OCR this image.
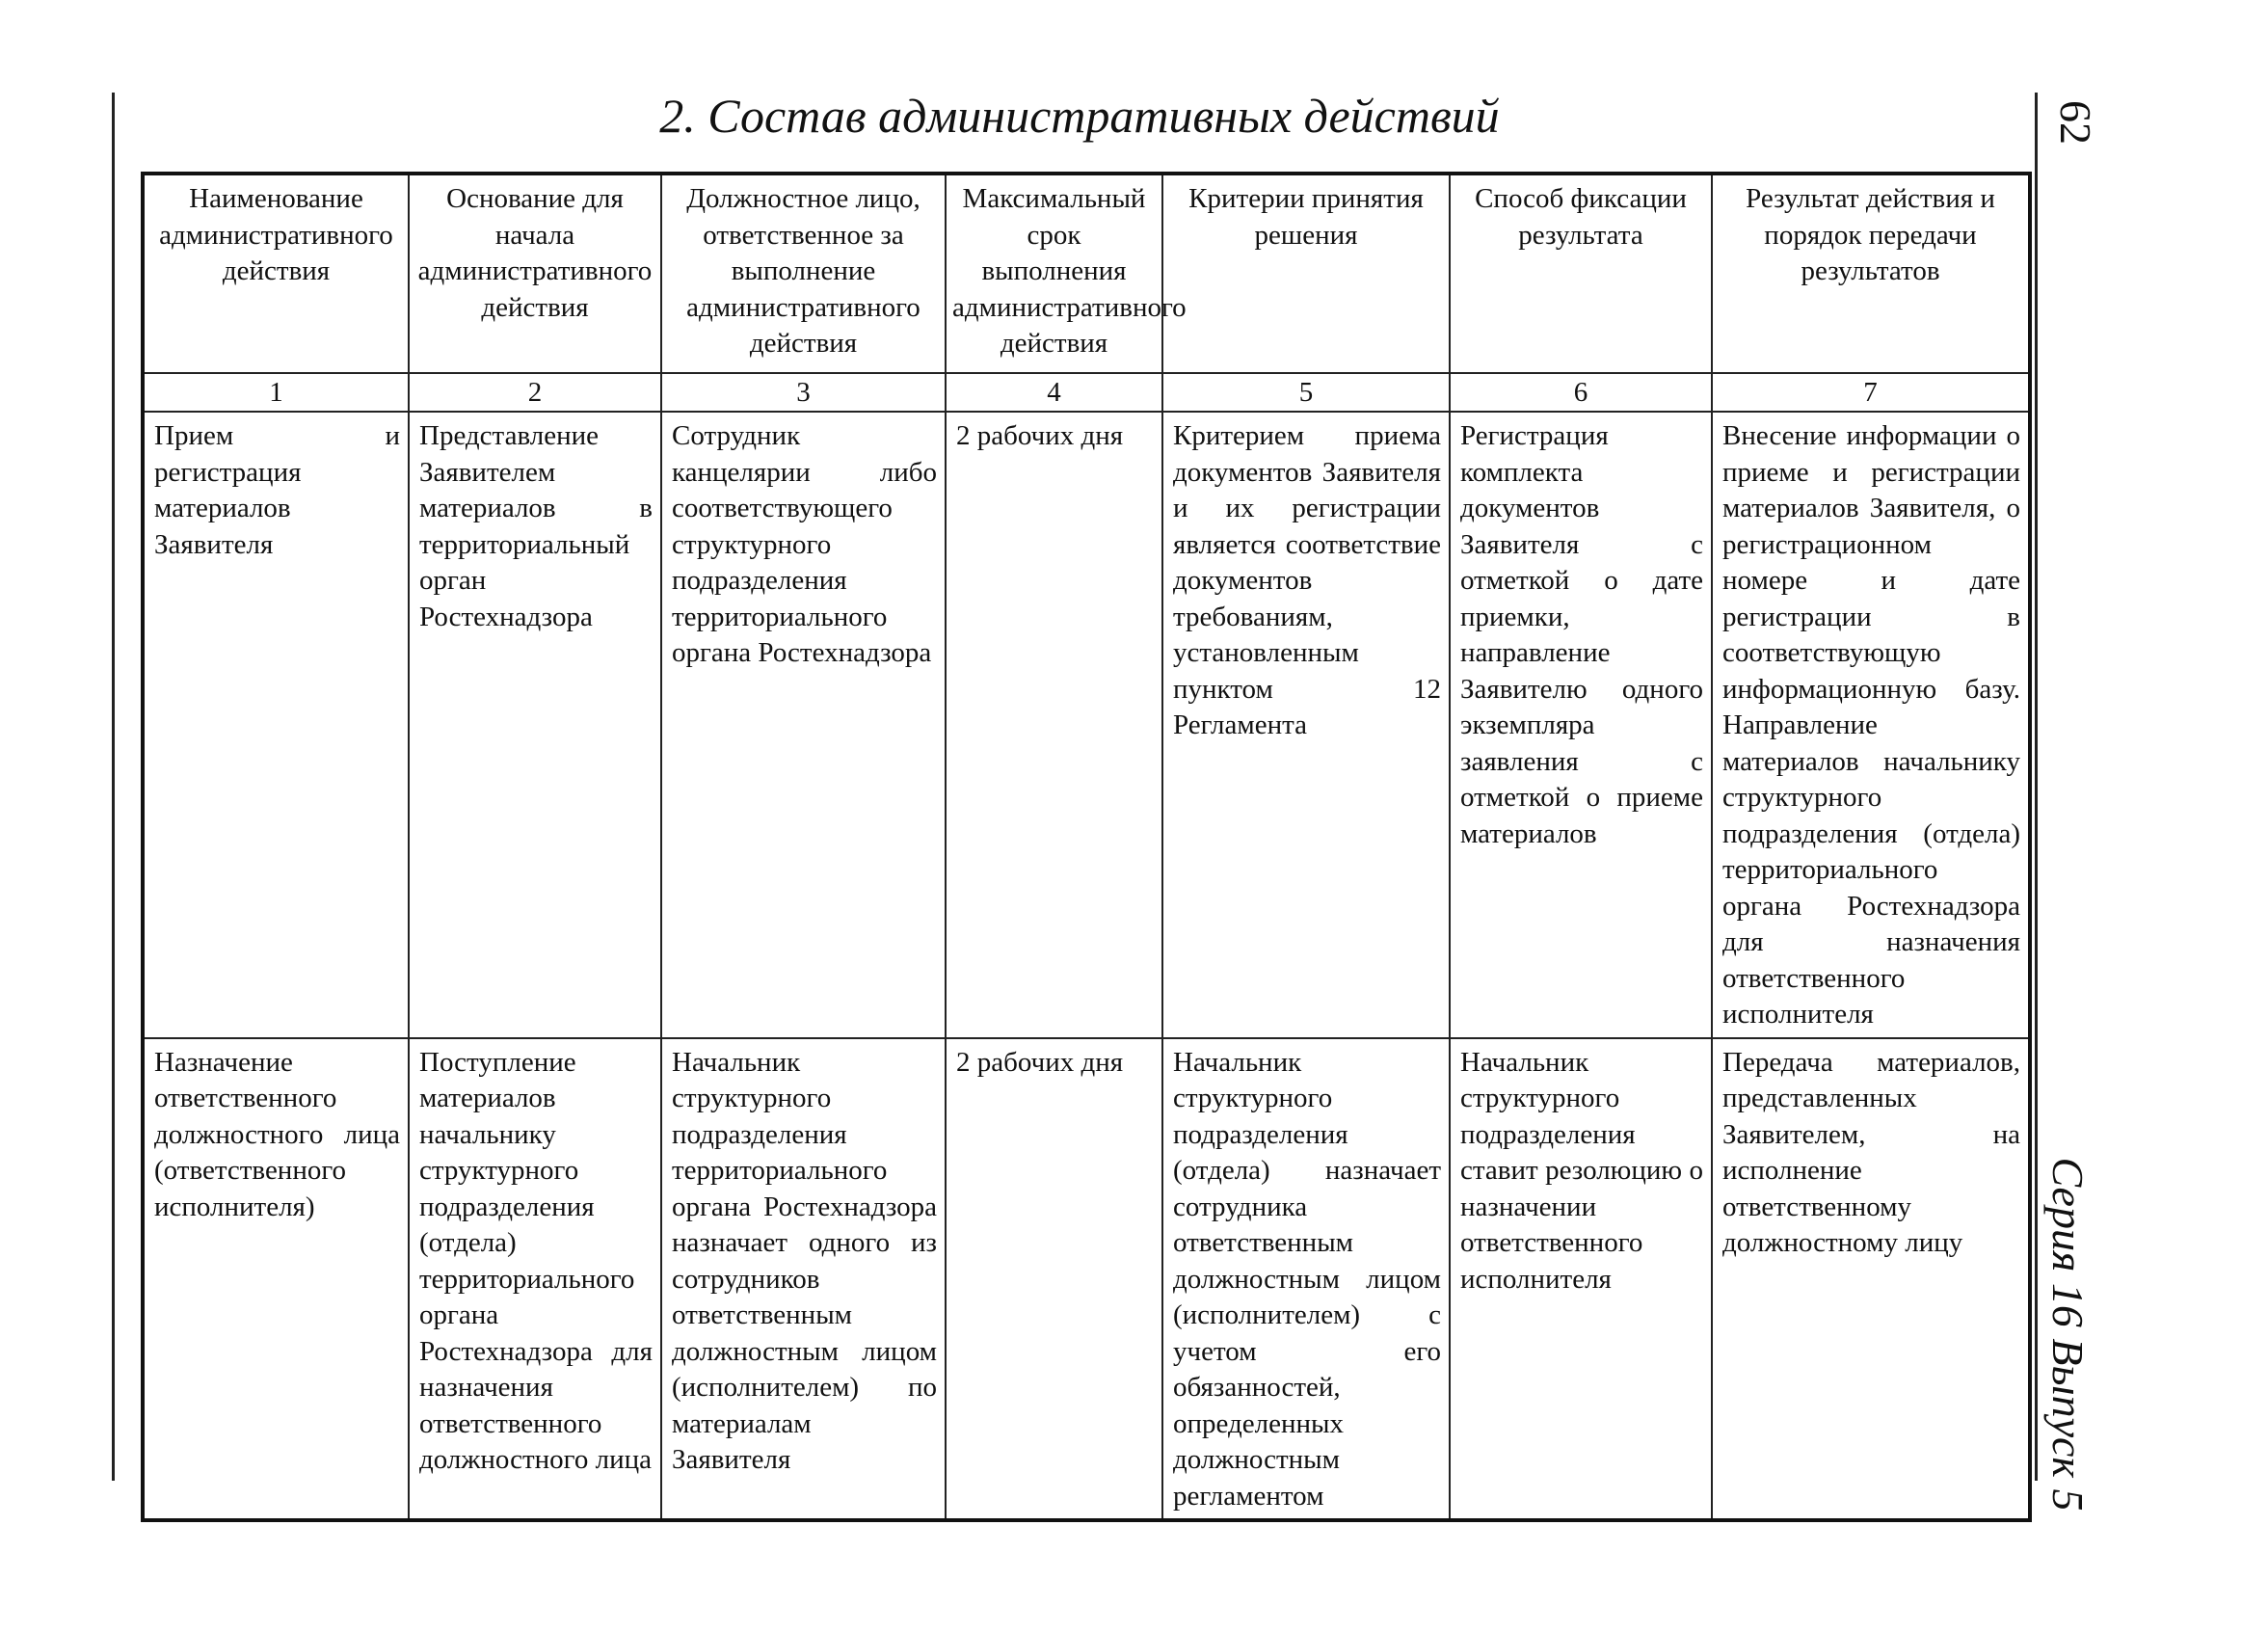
2. Состав административных действий	62
Серия 16 Выпуск 5
Наименование административного действия	Основание для начала административного действия	Должностное лицо, ответственное за выполнение административного действия	Максимальный срок выполнения административного действия	Критерии принятия решения	Способ фиксации результата	Результат действия и порядок передачи результатов
1	2	3	4	5	6	7
Прием и регистрация материалов Заявителя	Представление Заявителем материалов в территориальный орган Ростехнадзора	Сотрудник канцелярии либо соответствующего структурного подразделения территориального органа Ростехнадзора	2 рабочих дня	Критерием приема документов Заявителя и их регистрации является соответствие документов требованиям, установленным пунктом 12 Регламента	Регистрация комплекта документов Заявителя с отметкой о дате приемки, направление Заявителю одного экземпляра заявления с отметкой о приеме материалов	Внесение информации о приеме и регистрации материалов Заявителя, о регистрационном номере и дате регистрации в соответствующую информационную базу. Направление материалов начальнику структурного подразделения (отдела) территориального органа Ростехнадзора для назначения ответственного исполнителя
Назначение ответственного должностного лица (ответственного исполнителя)	Поступление материалов начальнику структурного подразделения (отдела) территориального органа Ростехнадзора для назначения ответственного должностного лица	Начальник структурного подразделения территориального органа Ростехнадзора назначает одного из сотрудников ответственным должностным лицом (исполнителем) по материалам Заявителя	2 рабочих дня	Начальник структурного подразделения (отдела) назначает сотрудника ответственным должностным лицом (исполнителем) с учетом его обязанностей, определенных должностным регламентом	Начальник структурного подразделения ставит резолюцию о назначении ответственного исполнителя	Передача материалов, представленных Заявителем, на исполнение ответственному должностному лицу
